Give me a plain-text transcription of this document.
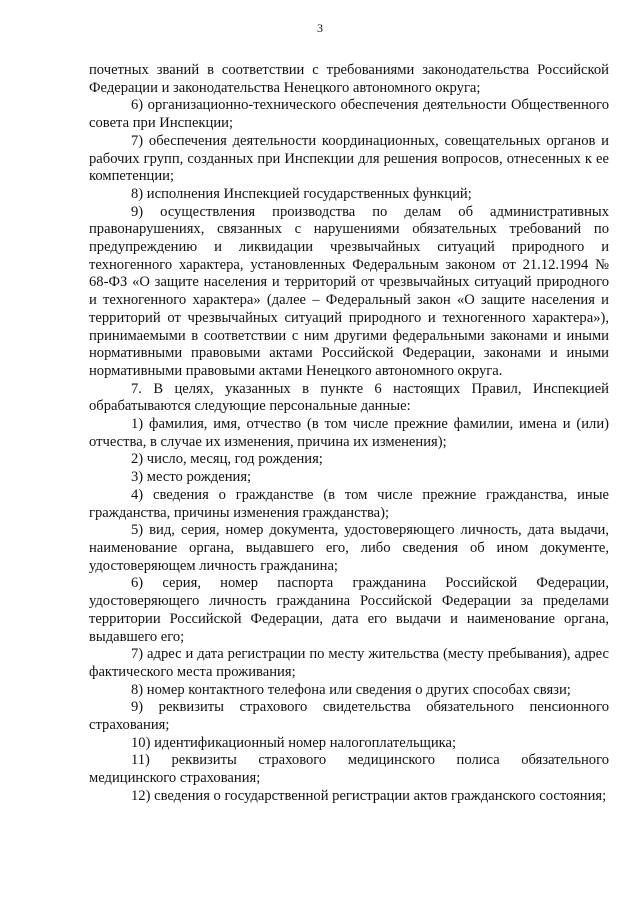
3

почетных званий в соответствии с требованиями законодательства Российской Федерации и законодательства Ненецкого автономного округа;

6) организационно-технического обеспечения деятельности Общественного совета при Инспекции;

7) обеспечения деятельности координационных, совещательных органов и рабочих групп, созданных при Инспекции для решения вопросов, отнесенных к ее компетенции;

8) исполнения Инспекцией государственных функций;

9) осуществления производства по делам об административных правонарушениях, связанных с нарушениями обязательных требований по предупреждению и ликвидации чрезвычайных ситуаций природного и техногенного характера, установленных Федеральным законом от 21.12.1994 № 68-ФЗ «О защите населения и территорий от чрезвычайных ситуаций природного и техногенного характера» (далее – Федеральный закон «О защите населения и территорий от чрезвычайных ситуаций природного и техногенного характера»), принимаемыми в соответствии с ним другими федеральными законами и иными нормативными правовыми актами Российской Федерации, законами и иными нормативными правовыми актами Ненецкого автономного округа.

7. В целях, указанных в пункте 6 настоящих Правил, Инспекцией обрабатываются следующие персональные данные:

1) фамилия, имя, отчество (в том числе прежние фамилии, имена и (или) отчества, в случае их изменения, причина их изменения);

2) число, месяц, год рождения;

3) место рождения;

4) сведения о гражданстве (в том числе прежние гражданства, иные гражданства, причины изменения гражданства);

5) вид, серия, номер документа, удостоверяющего личность, дата выдачи, наименование органа, выдавшего его, либо сведения об ином документе, удостоверяющем личность гражданина;

6) серия, номер паспорта гражданина Российской Федерации, удостоверяющего личность гражданина Российской Федерации за пределами территории Российской Федерации, дата его выдачи и наименование органа, выдавшего его;

7) адрес и дата регистрации по месту жительства (месту пребывания), адрес фактического места проживания;

8) номер контактного телефона или сведения о других способах связи;

9) реквизиты страхового свидетельства обязательного пенсионного страхования;

10) идентификационный номер налогоплательщика;

11) реквизиты страхового медицинского полиса обязательного медицинского страхования;

12) сведения о государственной регистрации актов гражданского состояния;
